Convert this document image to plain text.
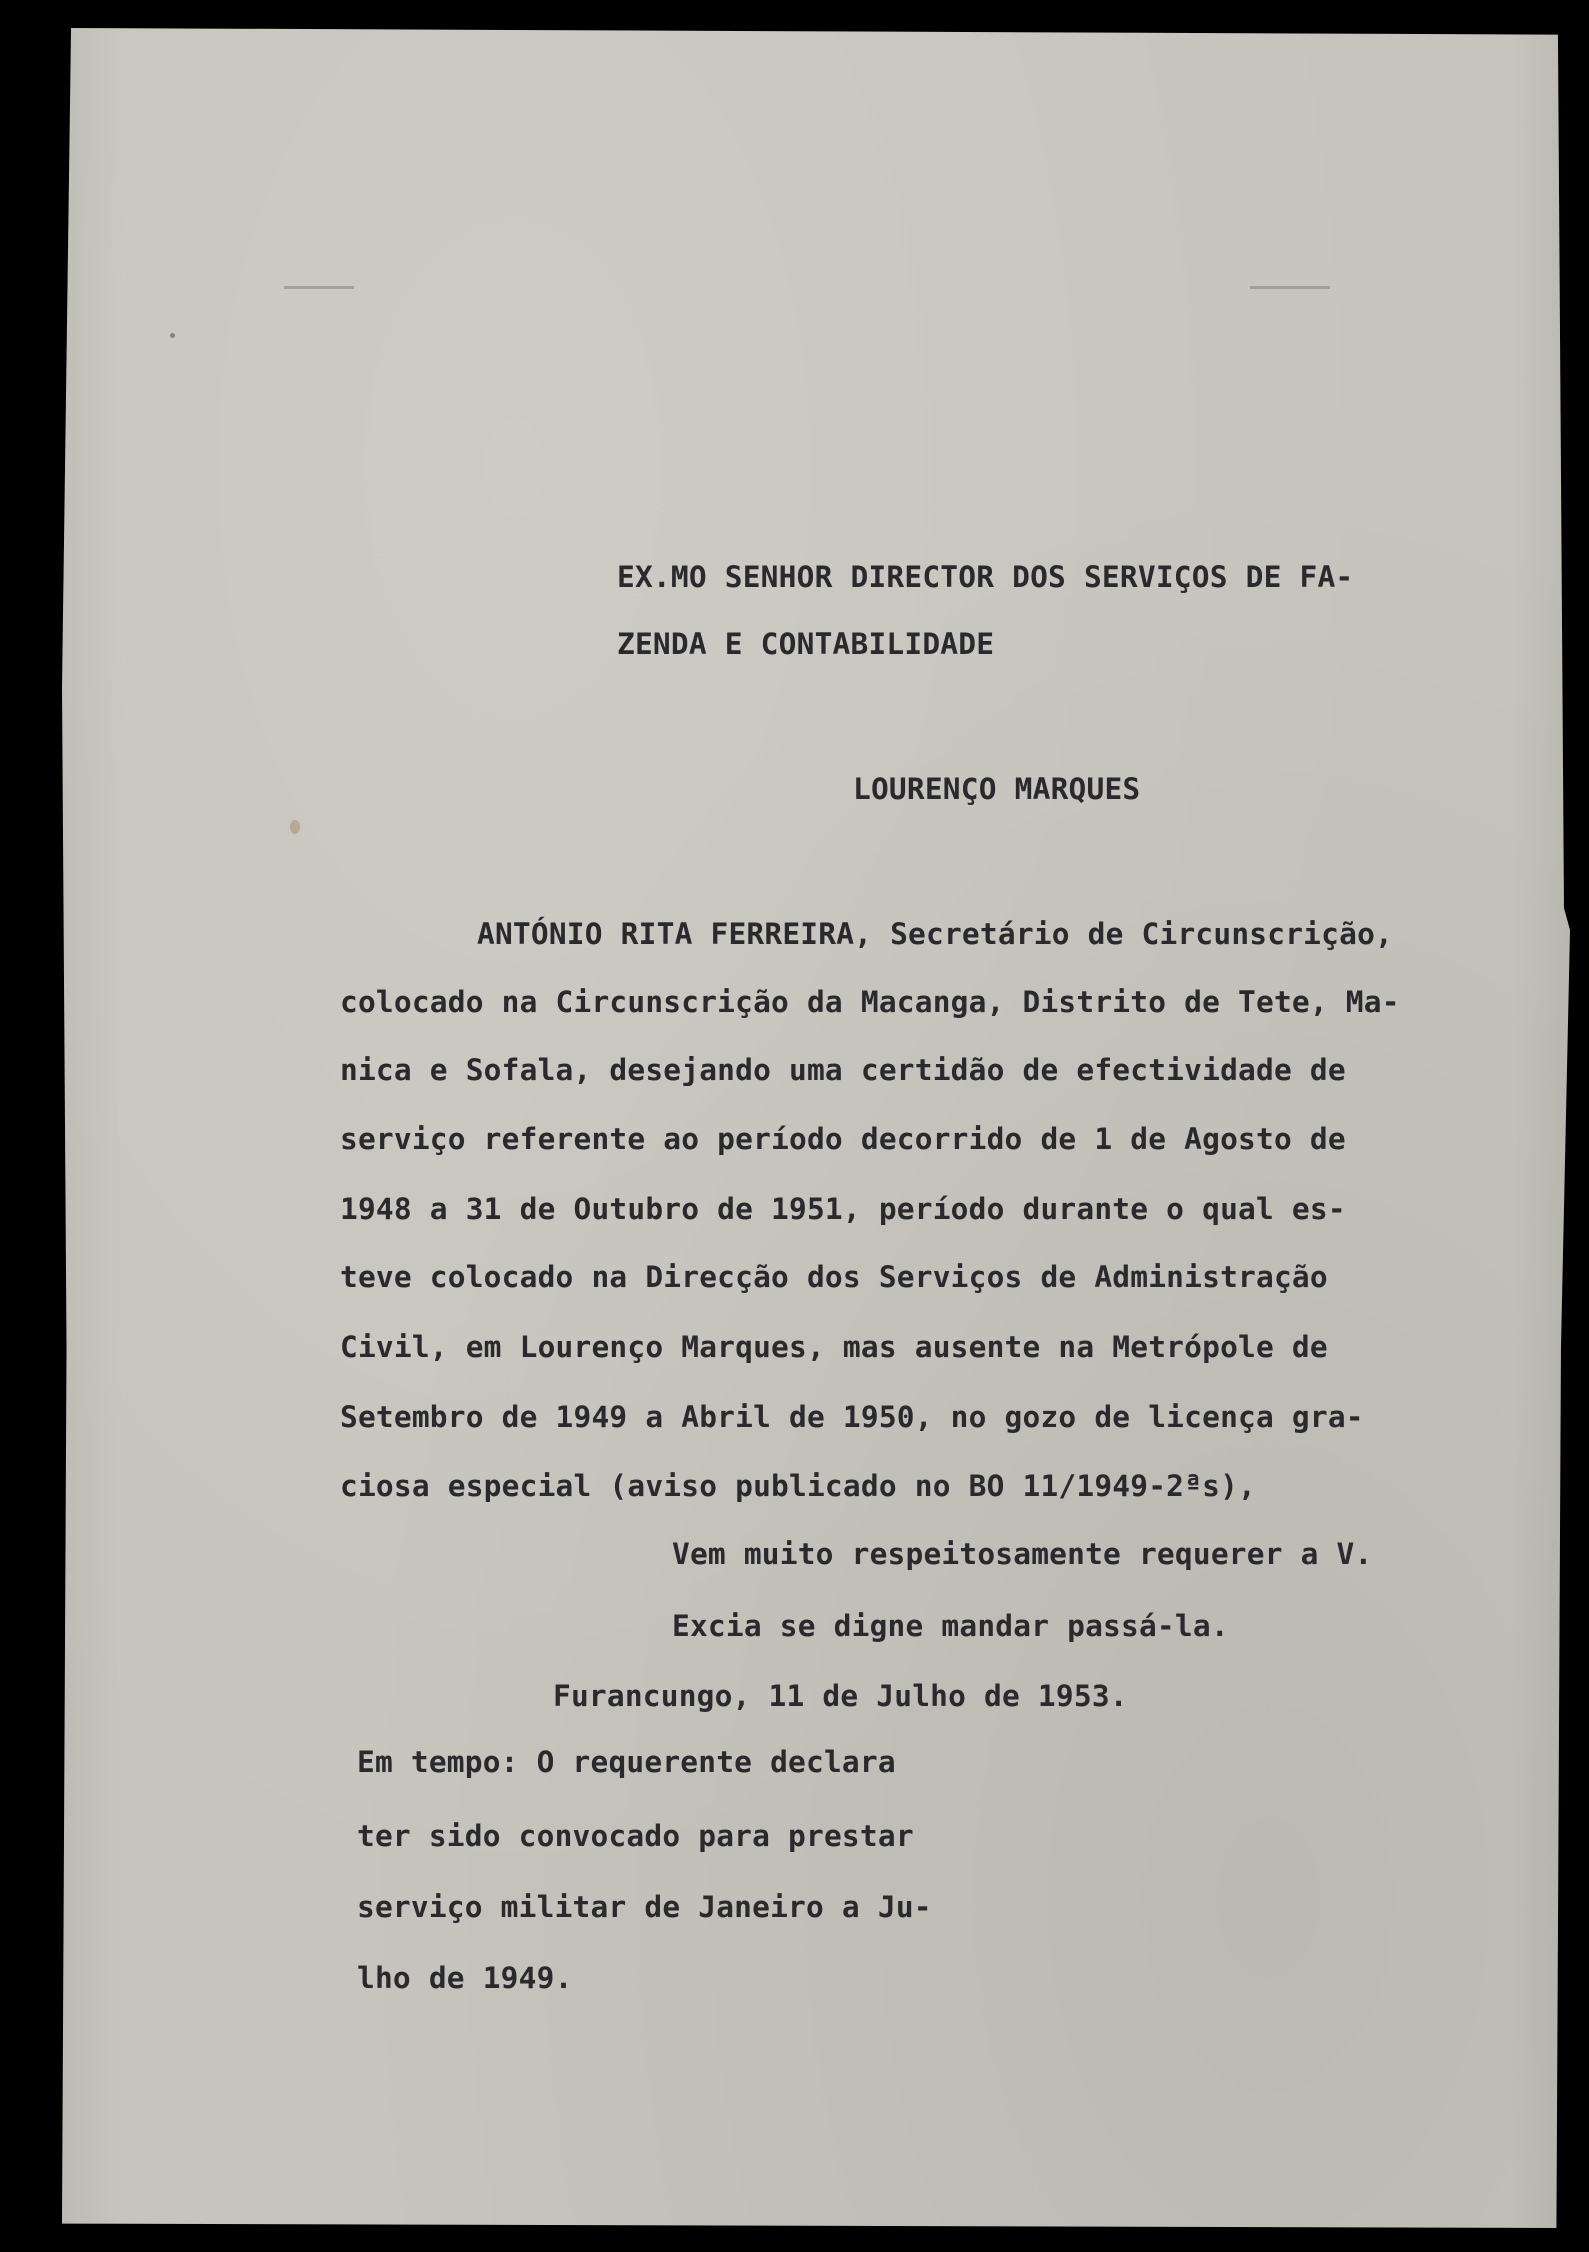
EX.MO SENHOR DIRECTOR DOS SERVIÇOS DE FA-

ZENDA E CONTABILIDADE

LOURENÇO MARQUES

ANTÓNIO RITA FERREIRA, Secretário de Circunscrição,

colocado na Circunscrição da Macanga, Distrito de Tete, Ma-

nica e Sofala, desejando uma certidão de efectividade de

serviço referente ao período decorrido de 1 de Agosto de

1948 a 31 de Outubro de 1951, período durante o qual es-

teve colocado na Direcção dos Serviços de Administração

Civil, em Lourenço Marques, mas ausente na Metrópole de

Setembro de 1949 a Abril de 1950, no gozo de licença gra-

ciosa especial (aviso publicado no BO 11/1949-2ªs),

Vem muito respeitosamente requerer a V.

Excia se digne mandar passá-la.

Furancungo, 11 de Julho de 1953.

Em tempo: O requerente declara

ter sido convocado para prestar

serviço militar de Janeiro a Ju-

lho de 1949.
